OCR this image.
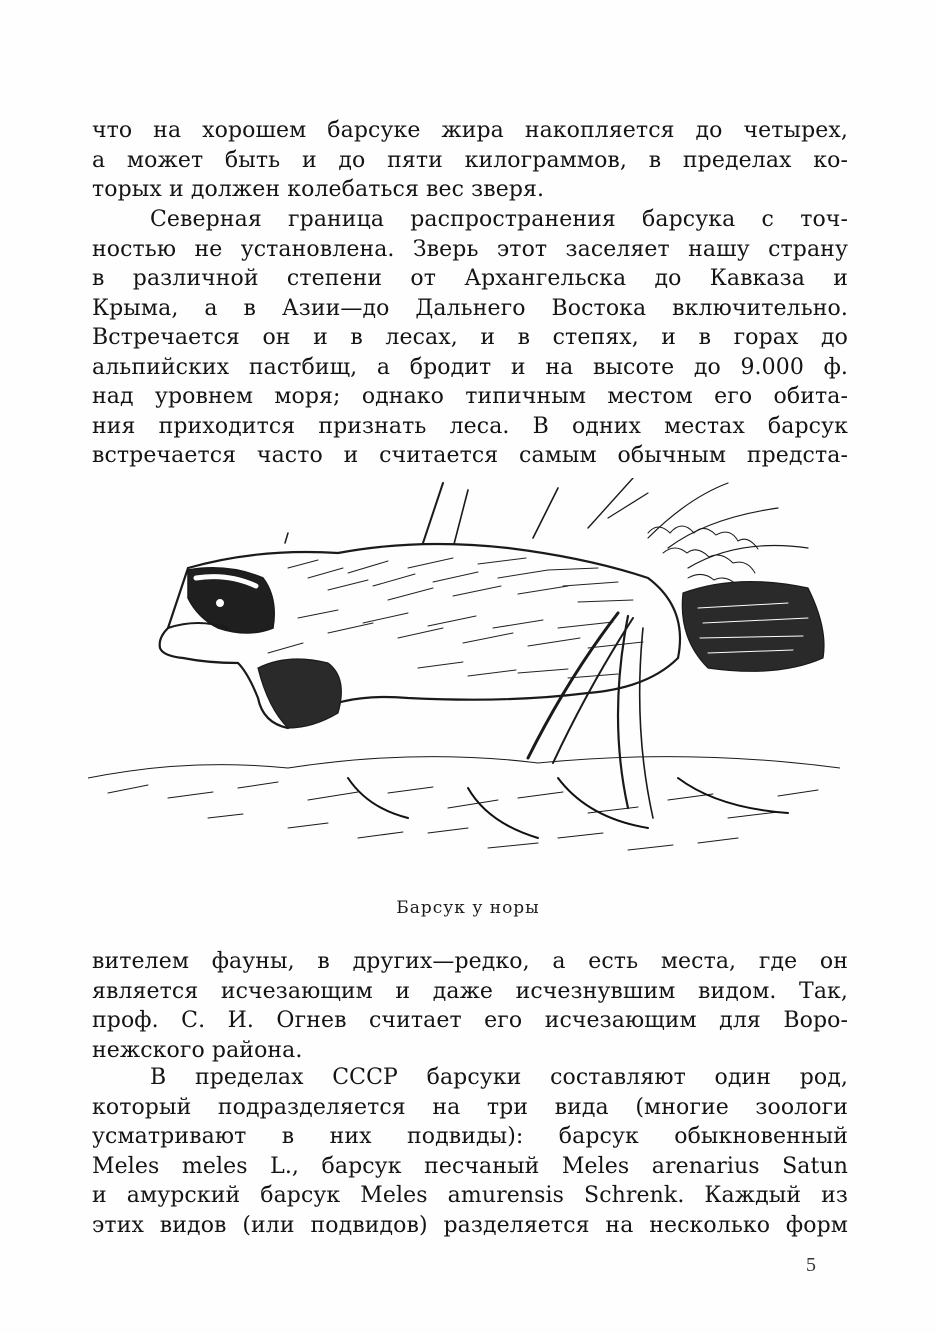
что на хорошем барсуке жира накопляется до четырех,
а может быть и до пяти килограммов, в пределах ко-
торых и должен колебаться вес зверя.
Северная граница распространения барсука с точ-
ностью не установлена. Зверь этот заселяет нашу страну
в различной степени от Архангельска до Кавказа и
Крыма, а в Азии—до Дальнего Востока включительно.
Встречается он и в лесах, и в степях, и в горах до
альпийских пастбищ, а бродит и на высоте до 9.000 ф.
над уровнем моря; однако типичным местом его обита-
ния приходится признать леса. В одних местах барсук
встречается часто и считается самым обычным предста-
Барсук у норы
вителем фауны, в других—редко, а есть места, где он
является исчезающим и даже исчезнувшим видом. Так,
проф. С. И. Огнев считает его исчезающим для Воро-
нежского района.
В пределах СССР барсуки составляют один род,
который подразделяется на три вида (многие зоологи
усматривают в них подвиды): барсук обыкновенный
Meles meles L., барсук песчаный Meles arenarius Satun
и амурский барсук Meles amurensis Schrenk. Каждый из
этих видов (или подвидов) разделяется на несколько форм
5
